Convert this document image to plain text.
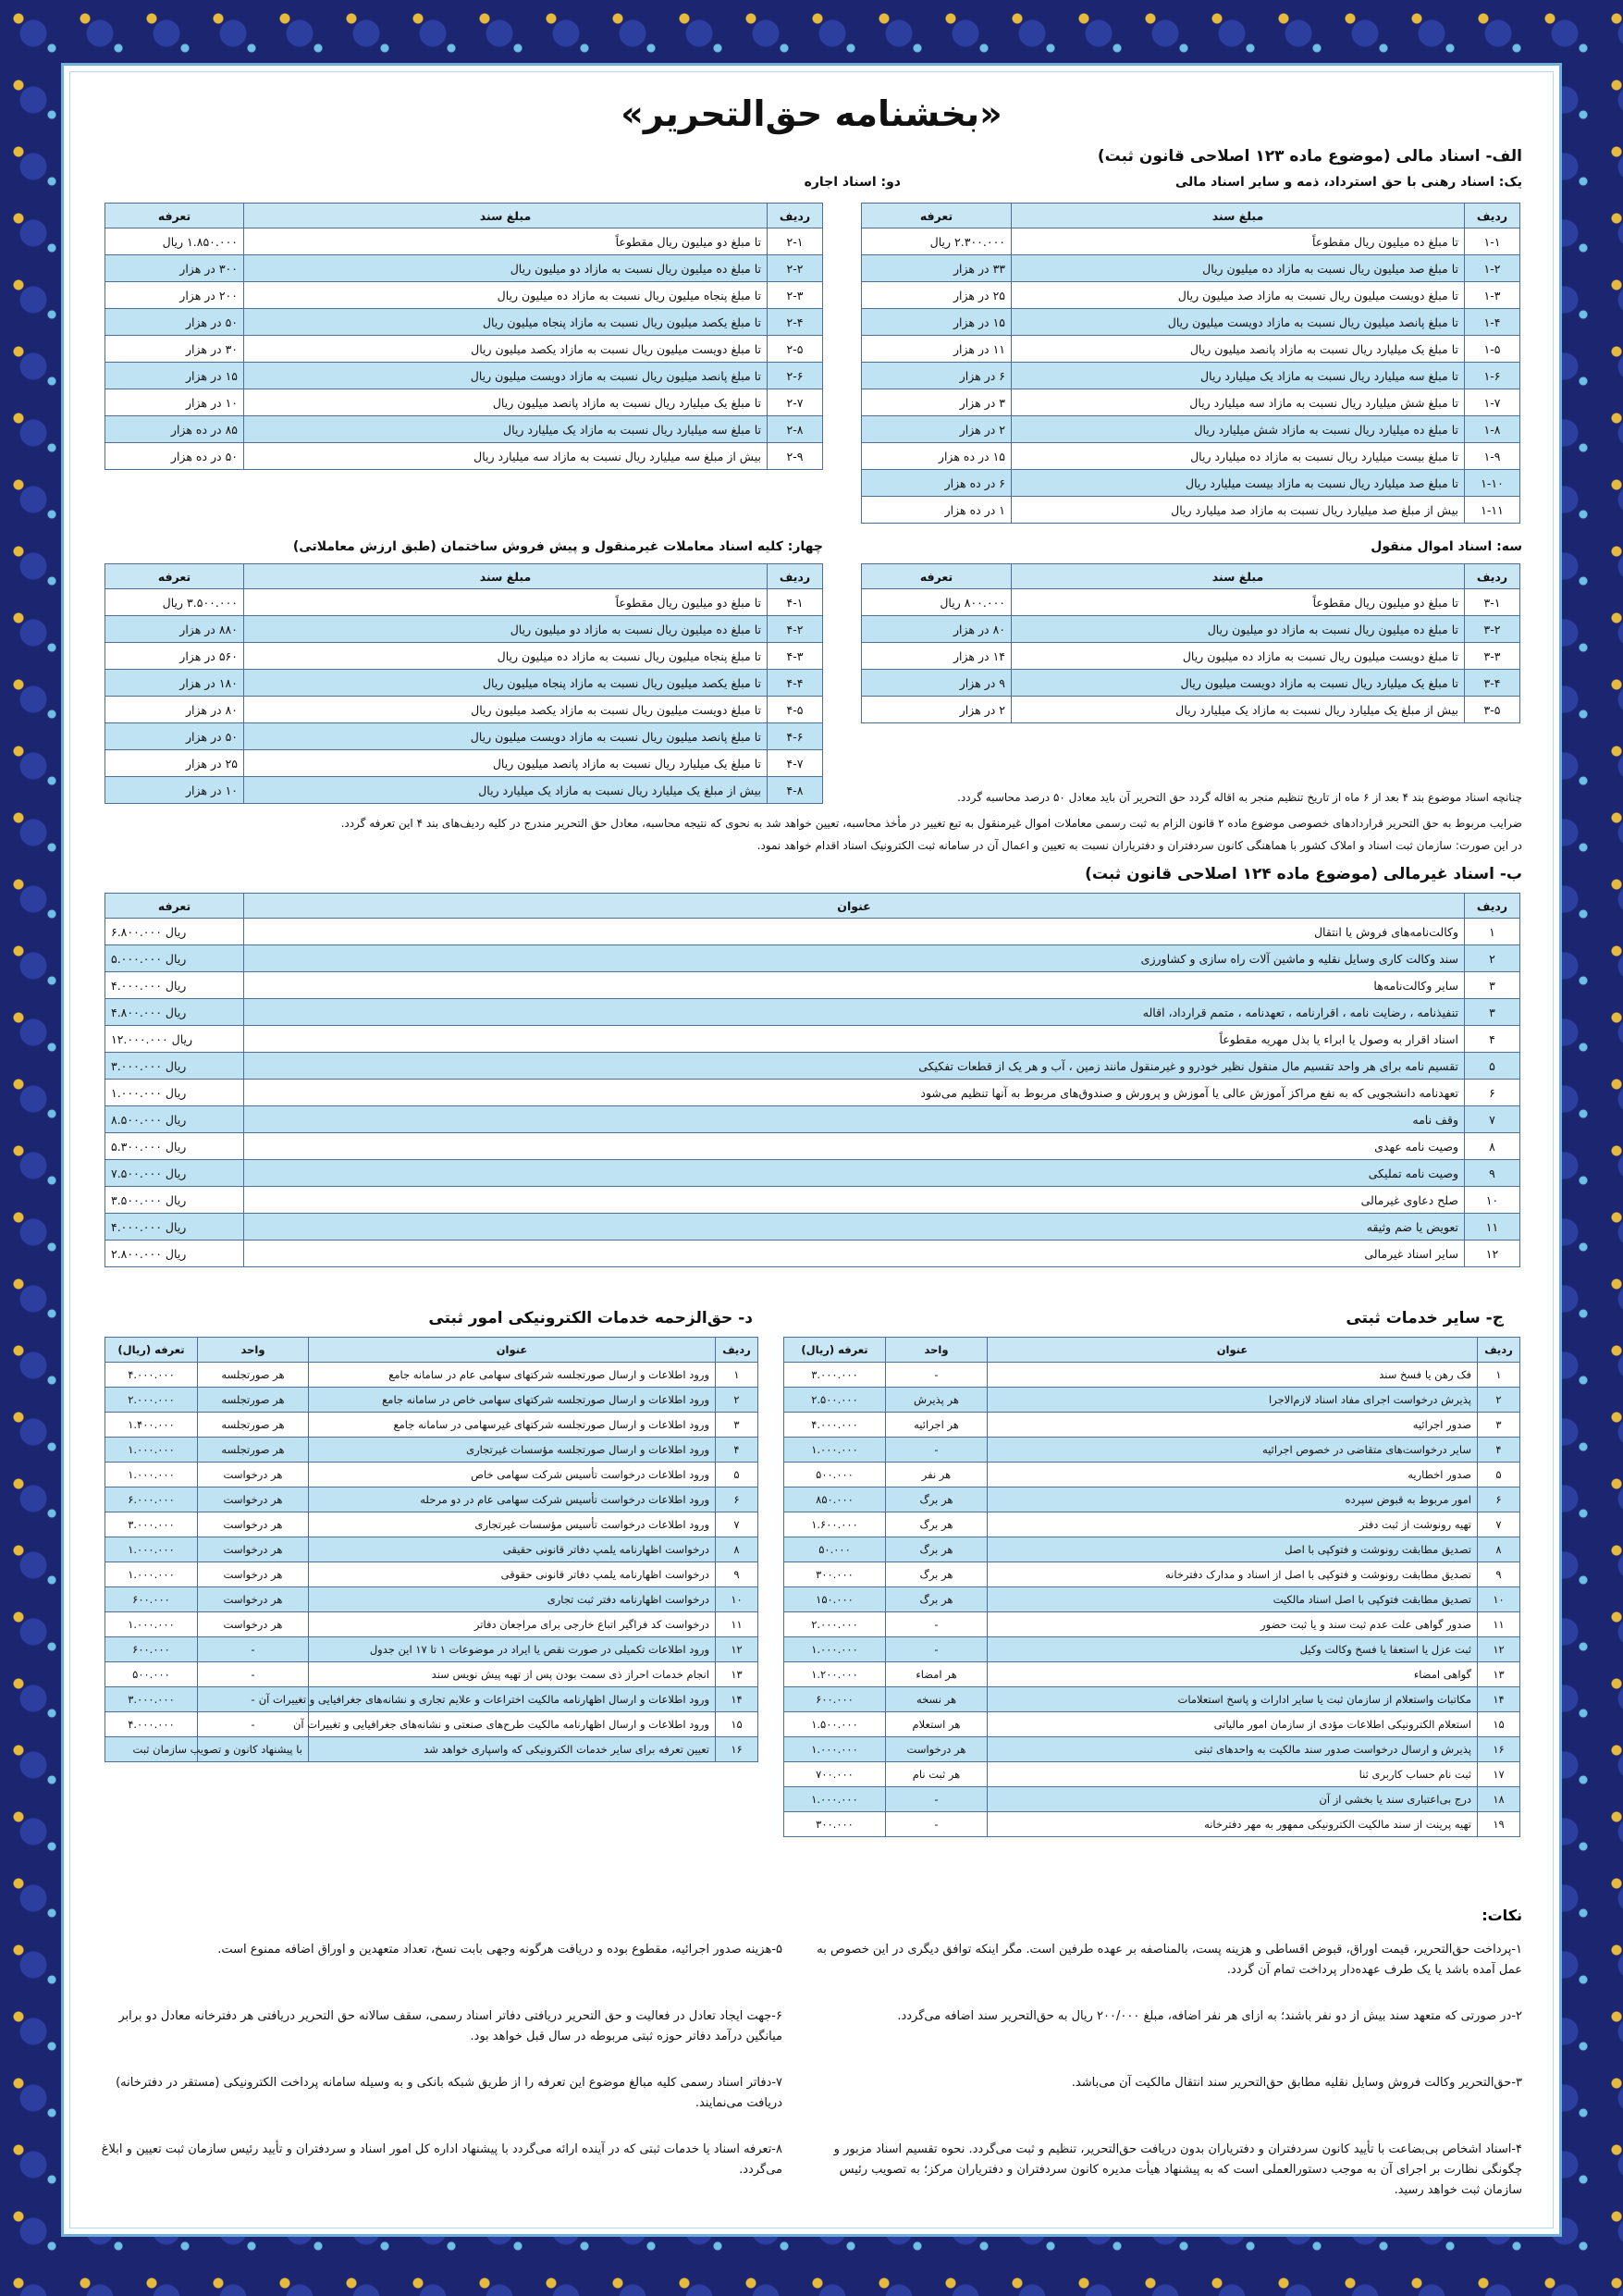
«بخشنامه حق‌التحریر»
الف- اسناد مالی (موضوع ماده ۱۲۳ اصلاحی قانون ثبت)
یک: اسناد رهنی با حق استرداد، ذمه و سایر اسناد مالی
دو: اسناد اجاره
ردیف	مبلغ سند	تعرفه
۱-۱	تا مبلغ ده میلیون ریال مقطوعاً	۲.۳۰۰.۰۰۰ ریال
۱-۲	تا مبلغ صد میلیون ریال نسبت به مازاد ده میلیون ریال	۳۳ در هزار
۱-۳	تا مبلغ دویست میلیون ریال نسبت به مازاد صد میلیون ریال	۲۵ در هزار
۱-۴	تا مبلغ پانصد میلیون ریال نسبت به مازاد دویست میلیون ریال	۱۵ در هزار
۱-۵	تا مبلغ یک میلیارد ریال نسبت به مازاد پانصد میلیون ریال	۱۱ در هزار
۱-۶	تا مبلغ سه میلیارد ریال نسبت به مازاد یک میلیارد ریال	۶ در هزار
۱-۷	تا مبلغ شش میلیارد ریال نسبت به مازاد سه میلیارد ریال	۳ در هزار
۱-۸	تا مبلغ ده میلیارد ریال نسبت به مازاد شش میلیارد ریال	۲ در هزار
۱-۹	تا مبلغ بیست میلیارد ریال نسبت به مازاد ده میلیارد ریال	۱۵ در ده هزار
۱-۱۰	تا مبلغ صد میلیارد ریال نسبت به مازاد بیست میلیارد ریال	۶ در ده هزار
۱-۱۱	بیش از مبلغ صد میلیارد ریال نسبت به مازاد صد میلیارد ریال	۱ در ده هزار
ردیف	مبلغ سند	تعرفه
۲-۱	تا مبلغ دو میلیون ریال مقطوعاً	۱.۸۵۰.۰۰۰ ریال
۲-۲	تا مبلغ ده میلیون ریال نسبت به مازاد دو میلیون ریال	۳۰۰ در هزار
۲-۳	تا مبلغ پنجاه میلیون ریال نسبت به مازاد ده میلیون ریال	۲۰۰ در هزار
۲-۴	تا مبلغ یکصد میلیون ریال نسبت به مازاد پنجاه میلیون ریال	۵۰ در هزار
۲-۵	تا مبلغ دویست میلیون ریال نسبت به مازاد یکصد میلیون ریال	۳۰ در هزار
۲-۶	تا مبلغ پانصد میلیون ریال نسبت به مازاد دویست میلیون ریال	۱۵ در هزار
۲-۷	تا مبلغ یک میلیارد ریال نسبت به مازاد پانصد میلیون ریال	۱۰ در هزار
۲-۸	تا مبلغ سه میلیارد ریال نسبت به مازاد یک میلیارد ریال	۸۵ در ده هزار
۲-۹	بیش از مبلغ سه میلیارد ریال نسبت به مازاد سه میلیارد ریال	۵۰ در ده هزار
سه: اسناد اموال منقول
چهار: کلیه اسناد معاملات غیرمنقول و پیش فروش ساختمان (طبق ارزش معاملاتی)
ردیف	مبلغ سند	تعرفه
۳-۱	تا مبلغ دو میلیون ریال مقطوعاً	۸۰۰.۰۰۰ ریال
۳-۲	تا مبلغ ده میلیون ریال نسبت به مازاد دو میلیون ریال	۸۰ در هزار
۳-۳	تا مبلغ دویست میلیون ریال نسبت به مازاد ده میلیون ریال	۱۴ در هزار
۳-۴	تا مبلغ یک میلیارد ریال نسبت به مازاد دویست میلیون ریال	۹ در هزار
۳-۵	بیش از مبلغ یک میلیارد ریال نسبت به مازاد یک میلیارد ریال	۲ در هزار
ردیف	مبلغ سند	تعرفه
۴-۱	تا مبلغ دو میلیون ریال مقطوعاً	۳.۵۰۰.۰۰۰ ریال
۴-۲	تا مبلغ ده میلیون ریال نسبت به مازاد دو میلیون ریال	۸۸۰ در هزار
۴-۳	تا مبلغ پنجاه میلیون ریال نسبت به مازاد ده میلیون ریال	۵۶۰ در هزار
۴-۴	تا مبلغ یکصد میلیون ریال نسبت به مازاد پنجاه میلیون ریال	۱۸۰ در هزار
۴-۵	تا مبلغ دویست میلیون ریال نسبت به مازاد یکصد میلیون ریال	۸۰ در هزار
۴-۶	تا مبلغ پانصد میلیون ریال نسبت به مازاد دویست میلیون ریال	۵۰ در هزار
۴-۷	تا مبلغ یک میلیارد ریال نسبت به مازاد پانصد میلیون ریال	۲۵ در هزار
۴-۸	بیش از مبلغ یک میلیارد ریال نسبت به مازاد یک میلیارد ریال	۱۰ در هزار
چنانچه اسناد موضوع بند ۴ بعد از ۶ ماه از تاریخ تنظیم منجر به اقاله گردد حق التحریر آن باید معادل ۵۰ درصد محاسبه گردد.
ضرایب مربوط به حق التحریر قراردادهای خصوصی موضوع ماده ۲ قانون الزام به ثبت رسمی معاملات اموال غیرمنقول به تبع تغییر در مأخذ محاسبه، تعیین خواهد شد به نحوی که نتیجه محاسبه، معادل حق التحریر مندرج در کلیه ردیف‌های بند ۴ این تعرفه گردد.
در این صورت: سازمان ثبت اسناد و املاک کشور با هماهنگی کانون سردفتران و دفتریاران نسبت به تعیین و اعمال آن در سامانه ثبت الکترونیک اسناد اقدام خواهد نمود.
ب- اسناد غیرمالی (موضوع ماده ۱۲۴ اصلاحی قانون ثبت)
ردیف	عنوان	تعرفه
۱	وکالت‌نامه‌های فروش یا انتقال	۶.۸۰۰.۰۰۰ ریال
۲	سند وکالت کاری وسایل نقلیه و ماشین آلات راه سازی و کشاورزی	۵.۰۰۰.۰۰۰ ریال
۳	سایر وکالت‌نامه‌ها	۴.۰۰۰.۰۰۰ ریال
۳	تنفیذنامه ، رضایت نامه ، اقرارنامه ، تعهدنامه ، متمم قرارداد، اقاله	۴.۸۰۰.۰۰۰ ریال
۴	اسناد اقرار به وصول یا ابراء یا بذل مهریه مقطوعاً	۱۲.۰۰۰.۰۰۰ ریال
۵	تقسیم نامه برای هر واحد تقسیم مال منقول نظیر خودرو و غیرمنقول مانند زمین ، آب و هر یک از قطعات تفکیکی	۳.۰۰۰.۰۰۰ ریال
۶	تعهدنامه دانشجویی که به نفع مراکز آموزش عالی یا آموزش و پرورش و صندوق‌های مربوط به آنها تنظیم می‌شود	۱.۰۰۰.۰۰۰ ریال
۷	وقف نامه	۸.۵۰۰.۰۰۰ ریال
۸	وصیت نامه عهدی	۵.۳۰۰.۰۰۰ ریال
۹	وصیت نامه تملیکی	۷.۵۰۰.۰۰۰ ریال
۱۰	صلح دعاوی غیرمالی	۳.۵۰۰.۰۰۰ ریال
۱۱	تعویض یا ضم وثیقه	۴.۰۰۰.۰۰۰ ریال
۱۲	سایر اسناد غیرمالی	۲.۸۰۰.۰۰۰ ریال
ج- سایر خدمات ثبتی
د- حق‌الزحمه خدمات الکترونیکی امور ثبتی
ردیف	عنوان	واحد	تعرفه (ریال)
۱	فک رهن یا فسخ سند	-	۳.۰۰۰.۰۰۰
۲	پذیرش درخواست اجرای مفاد اسناد لازم‌الاجرا	هر پذیرش	۲.۵۰۰.۰۰۰
۳	صدور اجرائیه	هر اجرائیه	۴.۰۰۰.۰۰۰
۴	سایر درخواست‌های متقاضی در خصوص اجرائیه	-	۱.۰۰۰.۰۰۰
۵	صدور اخطاریه	هر نفر	۵۰۰.۰۰۰
۶	امور مربوط به قبوض سپرده	هر برگ	۸۵۰.۰۰۰
۷	تهیه رونوشت از ثبت دفتر	هر برگ	۱.۶۰۰.۰۰۰
۸	تصدیق مطابقت رونوشت و فتوکپی با اصل	هر برگ	۵۰.۰۰۰
۹	تصدیق مطابقت رونوشت و فتوکپی با اصل از اسناد و مدارک دفترخانه	هر برگ	۳۰۰.۰۰۰
۱۰	تصدیق مطابقت فتوکپی با اصل اسناد مالکیت	هر برگ	۱۵۰.۰۰۰
۱۱	صدور گواهی علت عدم ثبت سند و یا ثبت حضور	-	۲.۰۰۰.۰۰۰
۱۲	ثبت عزل یا استعفا یا فسخ وکالت وکیل	-	۱.۰۰۰.۰۰۰
۱۳	گواهی امضاء	هر امضاء	۱.۲۰۰.۰۰۰
۱۴	مکاتبات واستعلام از سازمان ثبت یا سایر ادارات و پاسخ استعلامات	هر نسخه	۶۰۰.۰۰۰
۱۵	استعلام الکترونیکی اطلاعات مؤدی از سازمان امور مالیاتی	هر استعلام	۱.۵۰۰.۰۰۰
۱۶	پذیرش و ارسال درخواست صدور سند مالکیت به واحدهای ثبتی	هر درخواست	۱.۰۰۰.۰۰۰
۱۷	ثبت نام حساب کاربری ثنا	هر ثبت نام	۷۰۰.۰۰۰
۱۸	درج بی‌اعتباری سند یا بخشی از آن	-	۱.۰۰۰.۰۰۰
۱۹	تهیه پرینت از سند مالکیت الکترونیکی ممهور به مهر دفترخانه	-	۳۰۰.۰۰۰
ردیف	عنوان	واحد	تعرفه (ریال)
۱	ورود اطلاعات و ارسال صورتجلسه شرکتهای سهامی عام در سامانه جامع	هر صورتجلسه	۴.۰۰۰.۰۰۰
۲	ورود اطلاعات و ارسال صورتجلسه شرکتهای سهامی خاص در سامانه جامع	هر صورتجلسه	۲.۰۰۰.۰۰۰
۳	ورود اطلاعات و ارسال صورتجلسه شرکتهای غیرسهامی در سامانه جامع	هر صورتجلسه	۱.۴۰۰.۰۰۰
۴	ورود اطلاعات و ارسال صورتجلسه مؤسسات غیرتجاری	هر صورتجلسه	۱.۰۰۰.۰۰۰
۵	ورود اطلاعات درخواست تأسیس شرکت سهامی خاص	هر درخواست	۱.۰۰۰.۰۰۰
۶	ورود اطلاعات درخواست تأسیس شرکت سهامی عام در دو مرحله	هر درخواست	۶.۰۰۰.۰۰۰
۷	ورود اطلاعات درخواست تأسیس مؤسسات غیرتجاری	هر درخواست	۳.۰۰۰.۰۰۰
۸	درخواست اظهارنامه یلمپ دفاتر قانونی حقیقی	هر درخواست	۱.۰۰۰.۰۰۰
۹	درخواست اظهارنامه یلمپ دفاتر قانونی حقوقی	هر درخواست	۱.۰۰۰.۰۰۰
۱۰	درخواست اظهارنامه دفتر ثبت تجاری	هر درخواست	۶۰۰.۰۰۰
۱۱	درخواست کد فراگیر اتباع خارجی برای مراجعان دفاتر	هر درخواست	۱.۰۰۰.۰۰۰
۱۲	ورود اطلاعات تکمیلی در صورت نقص یا ایراد در موضوعات ۱ تا ۱۷ این جدول	-	۶۰۰.۰۰۰
۱۳	انجام خدمات احراز ذی سمت بودن پس از تهیه پیش نویس سند	-	۵۰۰.۰۰۰
۱۴	ورود اطلاعات و ارسال اظهارنامه مالکیت اختراعات و علایم تجاری و نشانه‌های جغرافیایی و تغییرات آن	-	۳.۰۰۰.۰۰۰
۱۵	ورود اطلاعات و ارسال اظهارنامه مالکیت طرح‌های صنعتی و نشانه‌های جغرافیایی و تغییرات آن	-	۴.۰۰۰.۰۰۰
۱۶	تعیین تعرفه برای سایر خدمات الکترونیکی که واسپاری خواهد شد	با پیشنهاد کانون و تصویب سازمان ثبت	
نکات:
۱-پرداخت حق‌التحریر، قیمت اوراق، قبوض اقساطی و هزینه پست، بالمناصفه بر عهده طرفین است. مگر اینکه توافق دیگری در این خصوص به عمل آمده باشد یا یک طرف عهده‌دار پرداخت تمام آن گردد.
۲-در صورتی که متعهد سند بیش از دو نفر باشند؛ به ازای هر نفر اضافه، مبلغ ۲۰۰/۰۰۰ ریال به حق‌التحریر سند اضافه می‌گردد.
۳-حق‌التحریر وکالت فروش وسایل نقلیه مطابق حق‌التحریر سند انتقال مالکیت آن می‌باشد.
۴-اسناد اشخاص بی‌بضاعت با تأیید کانون سردفتران و دفتریاران بدون دریافت حق‌التحریر، تنظیم و ثبت می‌گردد. نحوه تقسیم اسناد مزبور و چگونگی نظارت بر اجرای آن به موجب دستورالعملی است که به پیشنهاد هیأت مدیره کانون سردفتران و دفتریاران مرکز؛ به تصویب رئیس سازمان ثبت خواهد رسید.
۵-هزینه صدور اجرائیه، مقطوع بوده و دریافت هرگونه وجهی بابت نسخ، تعداد متعهدین و اوراق اضافه ممنوع است.
۶-جهت ایجاد تعادل در فعالیت و حق التحریر دریافتی دفاتر اسناد رسمی، سقف سالانه حق التحریر دریافتی هر دفترخانه معادل دو برابر میانگین درآمد دفاتر حوزه ثبتی مربوطه در سال قبل خواهد بود.
۷-دفاتر اسناد رسمی کلیه مبالغ موضوع این تعرفه را از طریق شبکه بانکی و به وسیله سامانه پرداخت الکترونیکی (مستقر در دفترخانه) دریافت می‌نمایند.
۸-تعرفه اسناد یا خدمات ثبتی که در آینده ارائه می‌گردد با پیشنهاد اداره کل امور اسناد و سردفتران و تأیید رئیس سازمان ثبت تعیین و ابلاغ می‌گردد.
